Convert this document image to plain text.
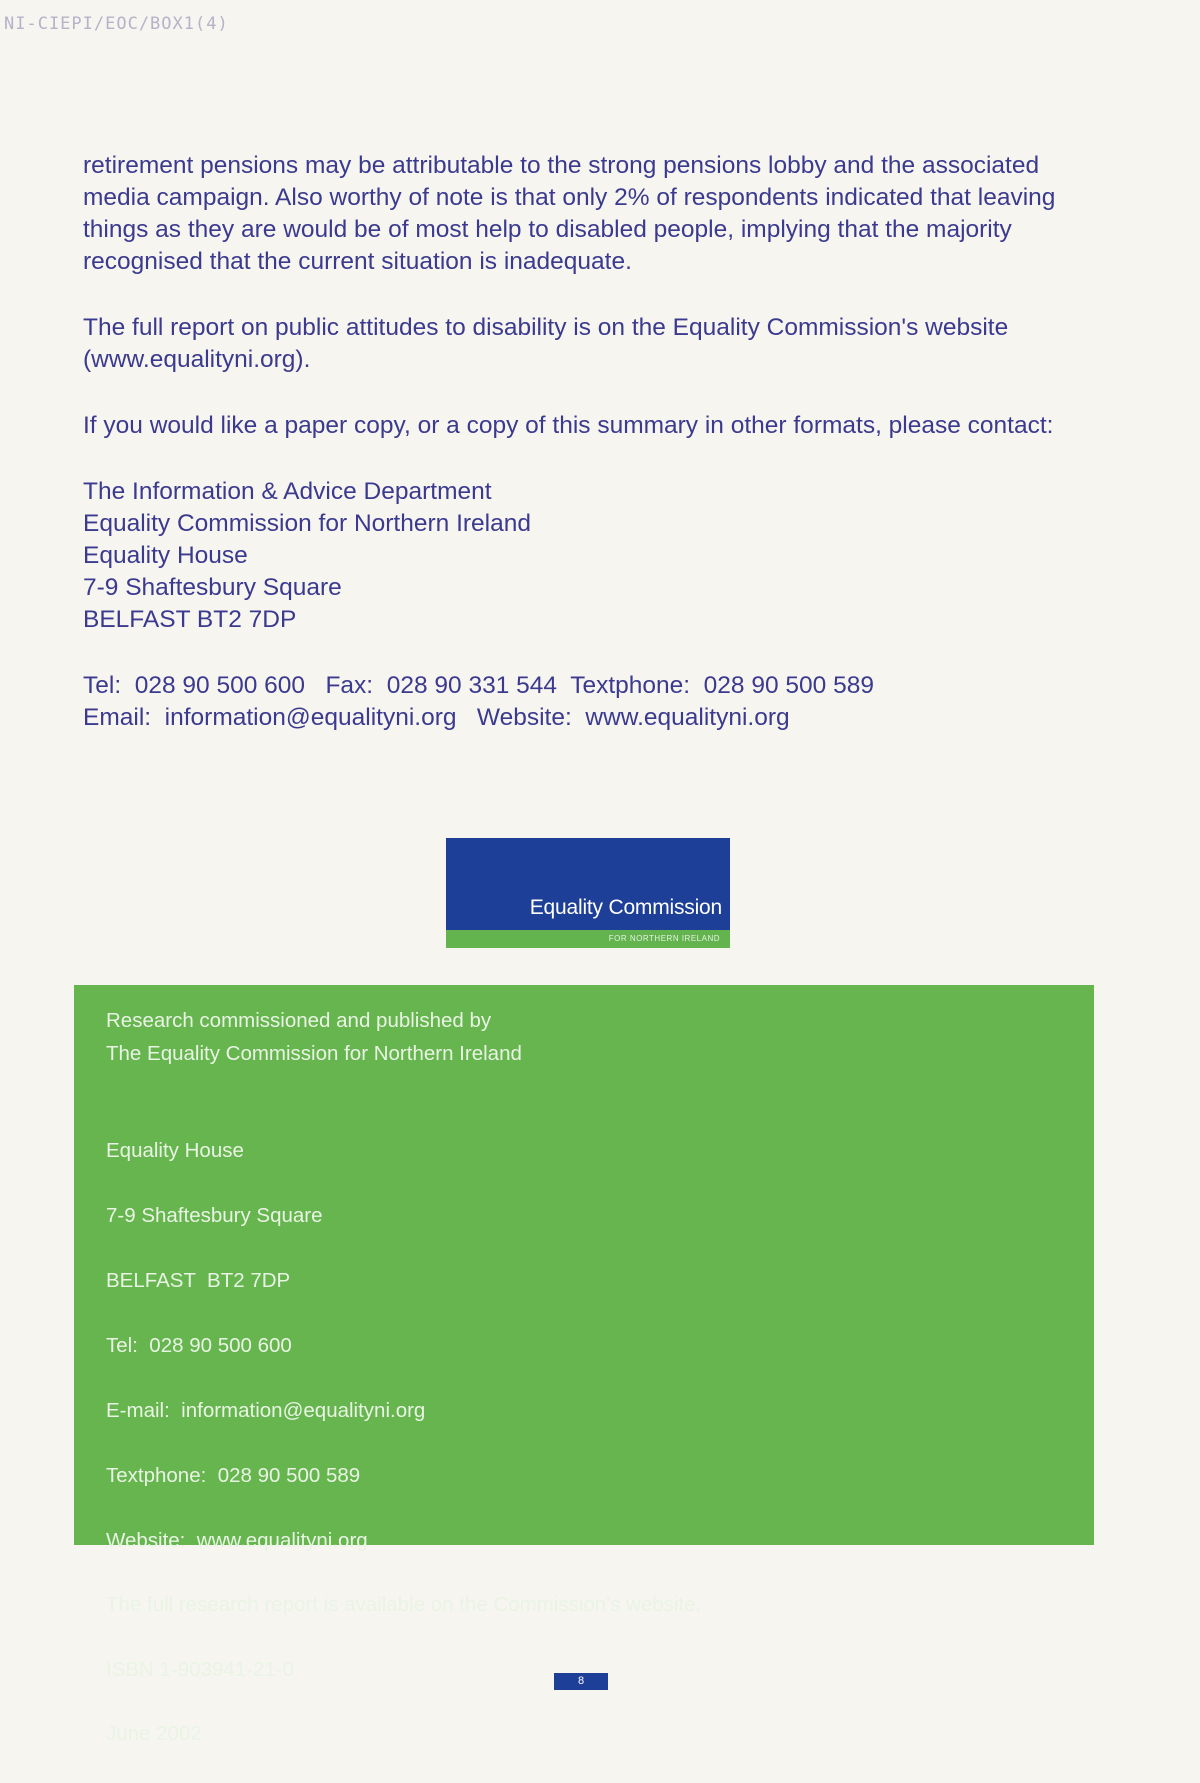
NI-CIEPI/EOC/BOX1(4)

retirement pensions may be attributable to the strong pensions lobby and the associated media campaign. Also worthy of note is that only 2% of respondents indicated that leaving things as they are would be of most help to disabled people, implying that the majority recognised that the current situation is inadequate.

The full report on public attitudes to disability is on the Equality Commission's website (www.equalityni.org).

If you would like a paper copy, or a copy of this summary in other formats, please contact:

The Information & Advice Department
Equality Commission for Northern Ireland
Equality House
7-9 Shaftesbury Square
BELFAST BT2 7DP

Tel:  028 90 500 600   Fax:  028 90 331 544  Textphone:  028 90 500 589

Email:  information@equalityni.org   Website:  www.equalityni.org

Equality Commission
FOR NORTHERN IRELAND

Research commissioned and published by
The Equality Commission for Northern Ireland

Equality House

7-9 Shaftesbury Square

BELFAST  BT2 7DP

Tel:  028 90 500 600

E-mail:  information@equalityni.org

Textphone:  028 90 500 589

Website:  www.equalityni.org

The full research report is available on the Commission's website.

ISBN 1-903941-21-0

June 2002

8
